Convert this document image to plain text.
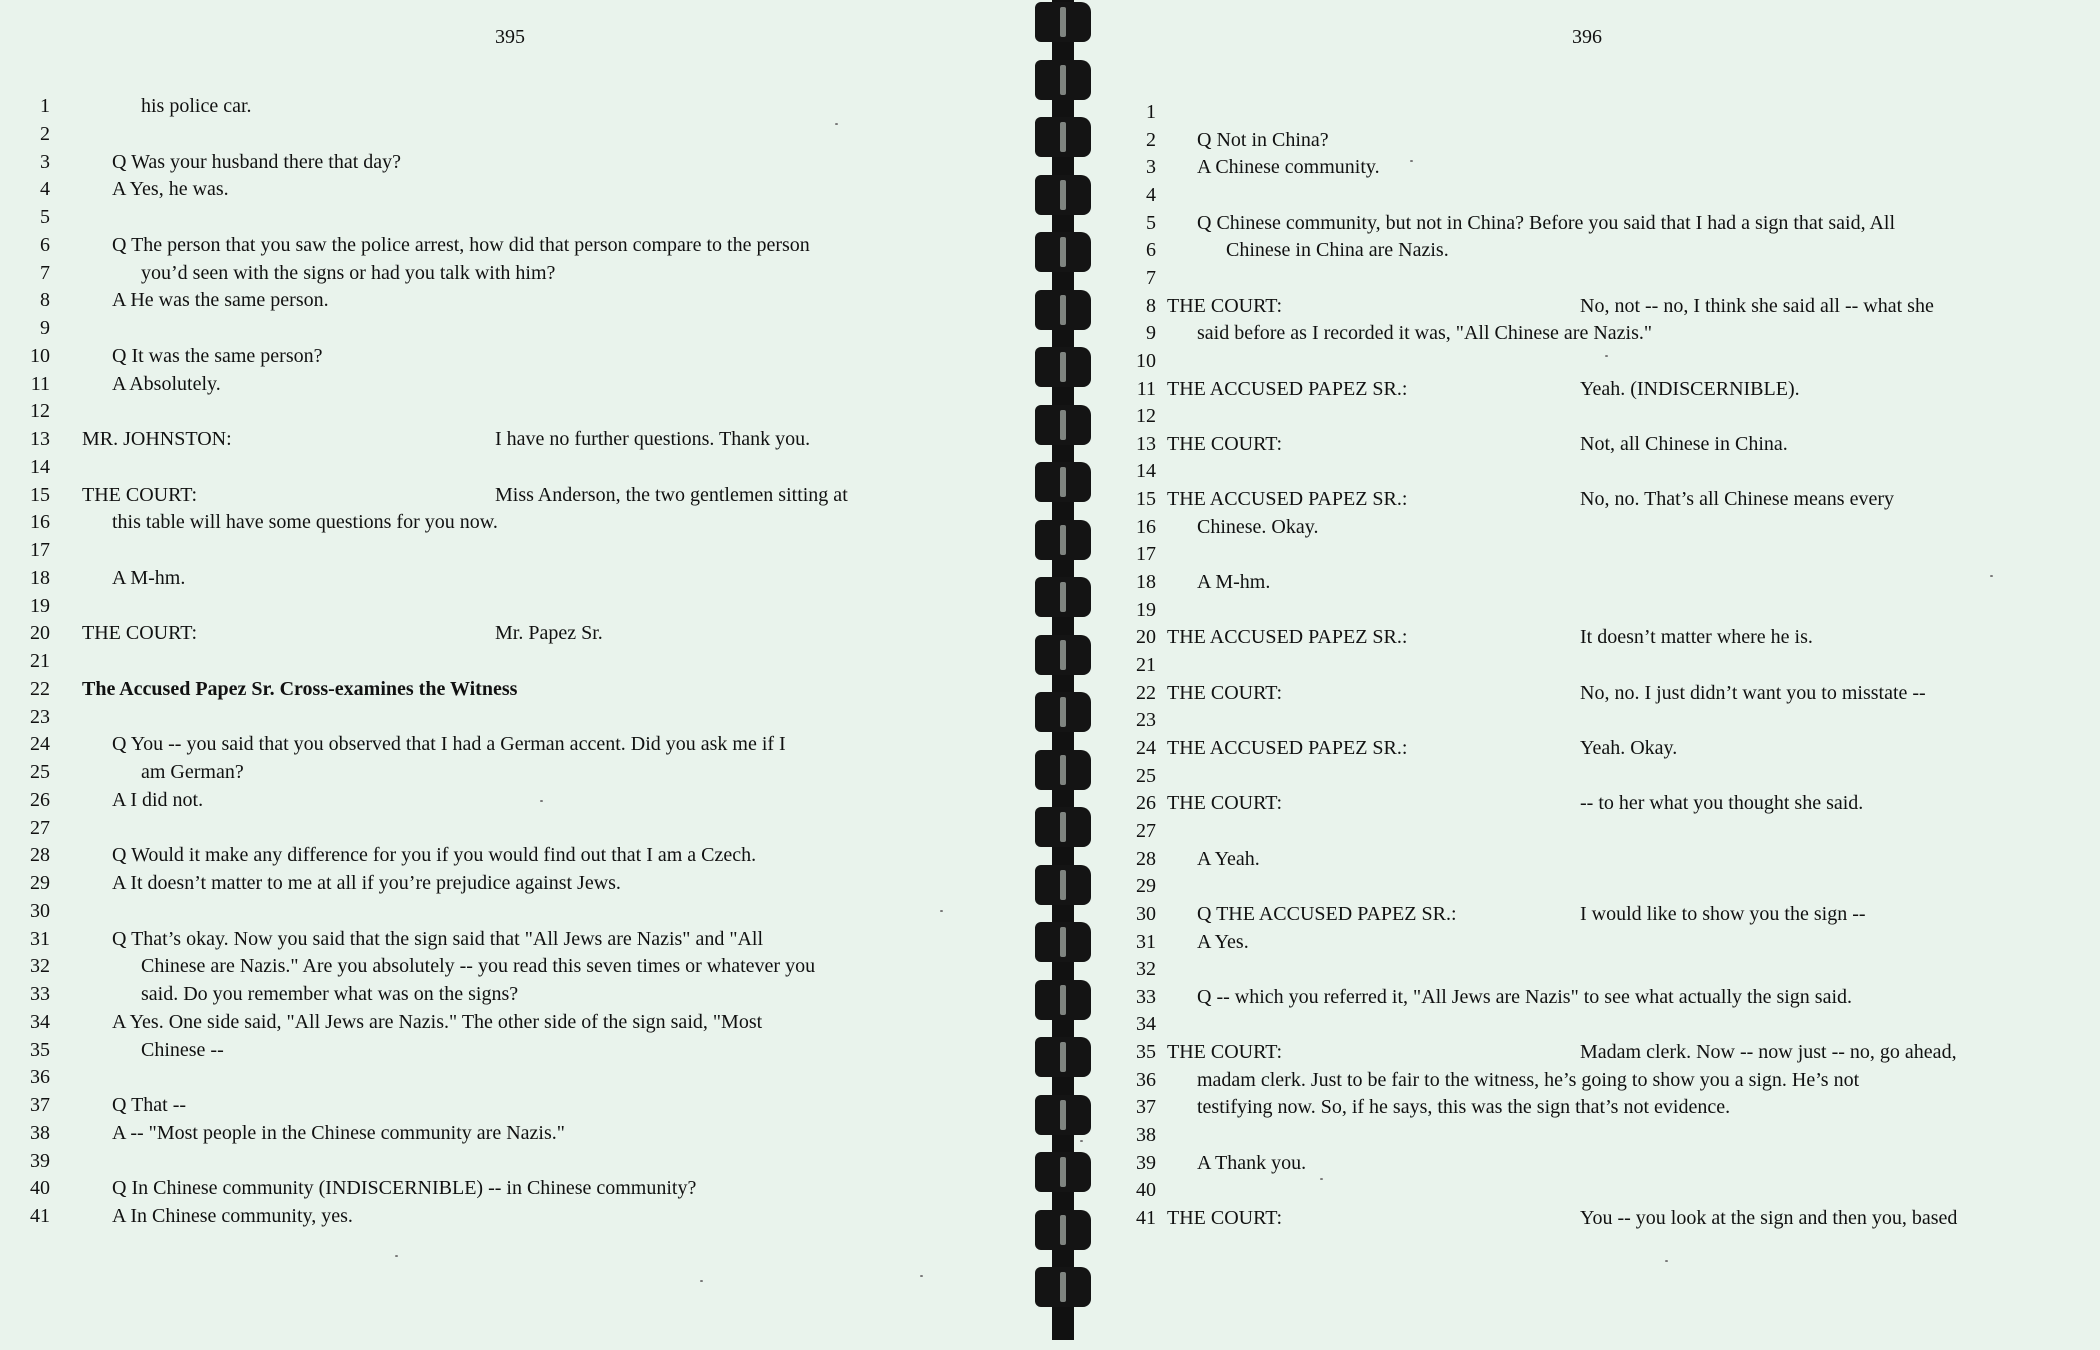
395
1	his police car.
2
3	Q Was your husband there that day?
4	A Yes, he was.
5
6	Q The person that you saw the police arrest, how did that person compare to the person
7	you’d seen with the signs or had you talk with him?
8	A He was the same person.
9
10	Q It was the same person?
11	A Absolutely.
12
13 MR. JOHNSTON:	I have no further questions. Thank you.
14
15 THE COURT:	Miss Anderson, the two gentlemen sitting at
16	this table will have some questions for you now.
17
18	A M-hm.
19
20 THE COURT:	Mr. Papez Sr.
21
22 The Accused Papez Sr. Cross-examines the Witness
23
24	Q You -- you said that you observed that I had a German accent. Did you ask me if I
25	am German?
26	A I did not.
27
28	Q Would it make any difference for you if you would find out that I am a Czech.
29	A It doesn’t matter to me at all if you’re prejudice against Jews.
30
31	Q That’s okay. Now you said that the sign said that "All Jews are Nazis" and "All
32	Chinese are Nazis." Are you absolutely -- you read this seven times or whatever you
33	said. Do you remember what was on the signs?
34	A Yes. One side said, "All Jews are Nazis." The other side of the sign said, "Most
35	Chinese --
36
37	Q That --
38	A -- "Most people in the Chinese community are Nazis."
39
40	Q In Chinese community (INDISCERNIBLE) -- in Chinese community?
41	A In Chinese community, yes.
396
1
2 Q Not in China?
3 A Chinese community.
4
5 Q Chinese community, but not in China? Before you said that I had a sign that said, All
6	Chinese in China are Nazis.
7
8 THE COURT:	No, not -- no, I think she said all -- what she
9 said before as I recorded it was, "All Chinese are Nazis."
10
11 THE ACCUSED PAPEZ SR.:	Yeah. (INDISCERNIBLE).
12
13 THE COURT:	Not, all Chinese in China.
14
15 THE ACCUSED PAPEZ SR.:	No, no. That’s all Chinese means every
16 Chinese. Okay.
17
18 A M-hm.
19
20 THE ACCUSED PAPEZ SR.:	It doesn’t matter where he is.
21
22 THE COURT:	No, no. I just didn’t want you to misstate --
23
24 THE ACCUSED PAPEZ SR.:	Yeah. Okay.
25
26 THE COURT:	-- to her what you thought she said.
27
28 A Yeah.
29
30 Q THE ACCUSED PAPEZ SR.:	I would like to show you the sign --
31 A Yes.
32
33 Q -- which you referred it, "All Jews are Nazis" to see what actually the sign said.
34
35 THE COURT:	Madam clerk. Now -- now just -- no, go ahead,
36 madam clerk. Just to be fair to the witness, he’s going to show you a sign. He’s not
37 testifying now. So, if he says, this was the sign that’s not evidence.
38
39 A Thank you.
40
41 THE COURT:	You -- you look at the sign and then you, based
